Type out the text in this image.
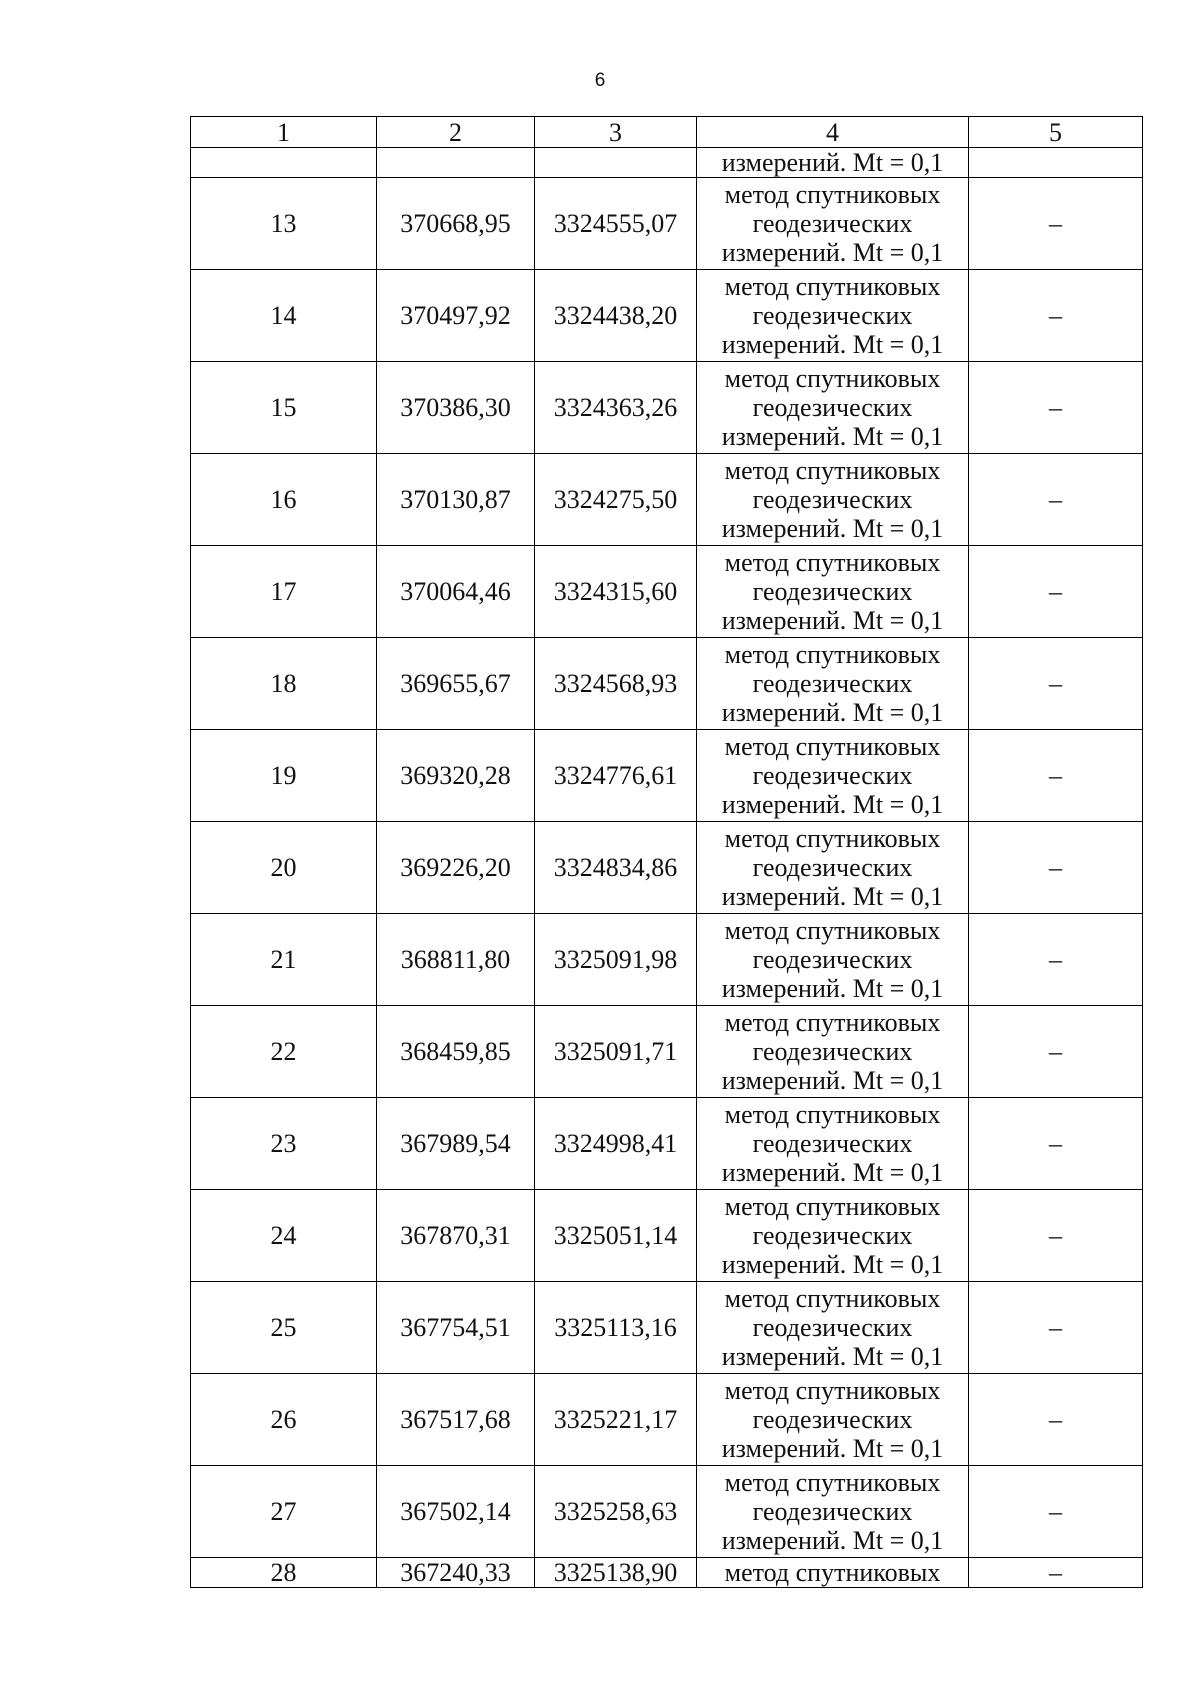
6
1	2	3	4	5
			измерений. Mt = 0,1	
13	370668,95	3324555,07	метод спутниковых
геодезических
измерений. Mt = 0,1	–
14	370497,92	3324438,20	метод спутниковых
геодезических
измерений. Mt = 0,1	–
15	370386,30	3324363,26	метод спутниковых
геодезических
измерений. Mt = 0,1	–
16	370130,87	3324275,50	метод спутниковых
геодезических
измерений. Mt = 0,1	–
17	370064,46	3324315,60	метод спутниковых
геодезических
измерений. Mt = 0,1	–
18	369655,67	3324568,93	метод спутниковых
геодезических
измерений. Mt = 0,1	–
19	369320,28	3324776,61	метод спутниковых
геодезических
измерений. Mt = 0,1	–
20	369226,20	3324834,86	метод спутниковых
геодезических
измерений. Mt = 0,1	–
21	368811,80	3325091,98	метод спутниковых
геодезических
измерений. Mt = 0,1	–
22	368459,85	3325091,71	метод спутниковых
геодезических
измерений. Mt = 0,1	–
23	367989,54	3324998,41	метод спутниковых
геодезических
измерений. Mt = 0,1	–
24	367870,31	3325051,14	метод спутниковых
геодезических
измерений. Mt = 0,1	–
25	367754,51	3325113,16	метод спутниковых
геодезических
измерений. Mt = 0,1	–
26	367517,68	3325221,17	метод спутниковых
геодезических
измерений. Mt = 0,1	–
27	367502,14	3325258,63	метод спутниковых
геодезических
измерений. Mt = 0,1	–
28	367240,33	3325138,90	метод спутниковых	–
